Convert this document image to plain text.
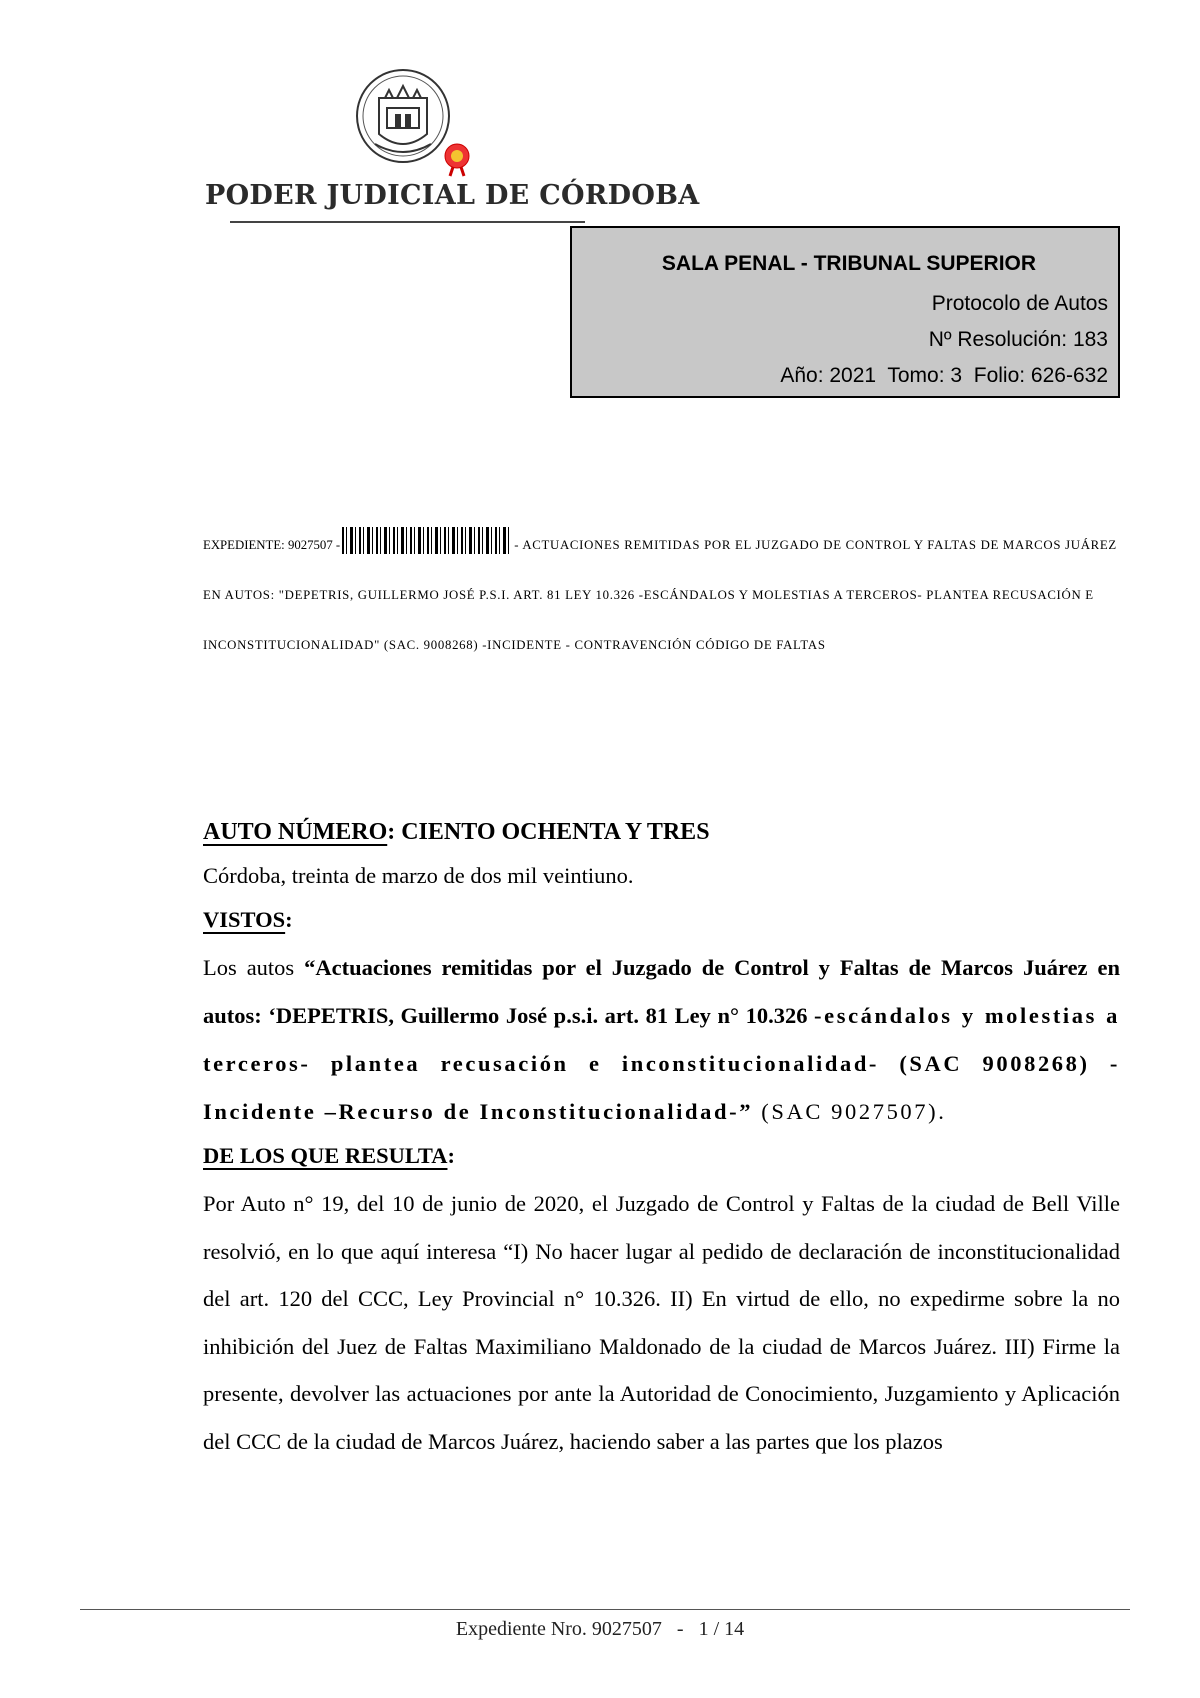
PODER JUDICIAL DE CÓRDOBA
SALA PENAL - TRIBUNAL SUPERIOR
Protocolo de Autos
Nº Resolución: 183
Año: 2021  Tomo: 3  Folio: 626-632
EXPEDIENTE: 9027507 -	- ACTUACIONES REMITIDAS POR EL JUZGADO DE CONTROL Y FALTAS DE MARCOS JUÁREZ EN AUTOS: "DEPETRIS, GUILLERMO JOSÉ P.S.I. ART. 81 LEY 10.326 -ESCÁNDALOS Y MOLESTIAS A TERCEROS- PLANTEA RECUSACIÓN E INCONSTITUCIONALIDAD" (SAC. 9008268) -INCIDENTE - CONTRAVENCIÓN CÓDIGO DE FALTAS

AUTO NÚMERO: CIENTO OCHENTA Y TRES

Córdoba, treinta de marzo de dos mil veintiuno.

VISTOS:

Los autos “Actuaciones remitidas por el Juzgado de Control y Faltas de Marcos Juárez en autos: ‘DEPETRIS, Guillermo José p.s.i. art. 81 Ley n° 10.326 -escándalos y molestias a terceros- plantea recusación e inconstitucionalidad- (SAC 9008268) - Incidente –Recurso de Inconstitucionalidad-” (SAC 9027507).

DE LOS QUE RESULTA:

Por Auto n° 19, del 10 de junio de 2020, el Juzgado de Control y Faltas de la ciudad de Bell Ville resolvió, en lo que aquí interesa “I) No hacer lugar al pedido de declaración de inconstitucionalidad del art. 120 del CCC, Ley Provincial n° 10.326. II) En virtud de ello, no expedirme sobre la no inhibición del Juez de Faltas Maximiliano Maldonado de la ciudad de Marcos Juárez. III) Firme la presente, devolver las actuaciones por ante la Autoridad de Conocimiento, Juzgamiento y Aplicación del CCC de la ciudad de Marcos Juárez, haciendo saber a las partes que los plazos

Expediente Nro. 9027507   -   1 / 14
